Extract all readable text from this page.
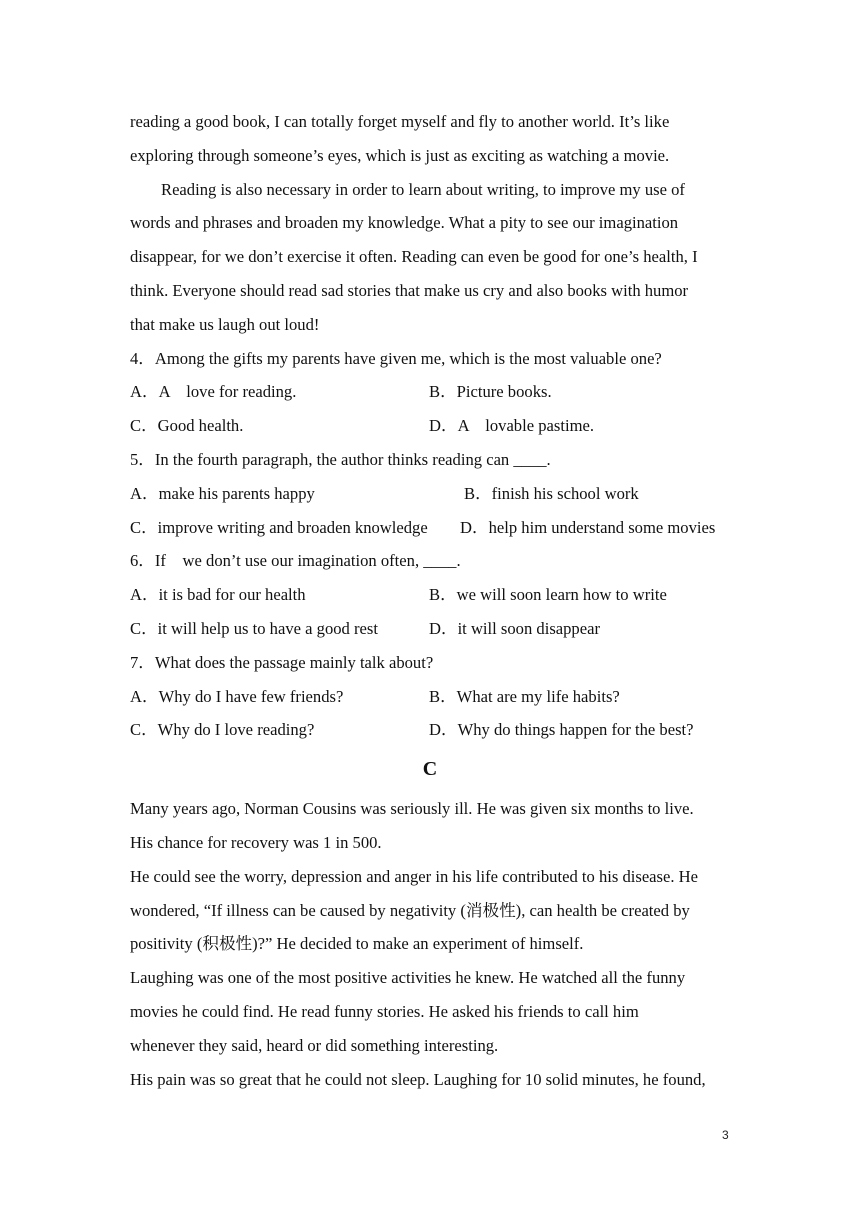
reading a good book, I can totally forget myself and fly to another world. It’s like
exploring through someone’s eyes, which is just as exciting as watching a movie.
Reading is also necessary in order to learn about writing, to improve my use of
words and phrases and broaden my knowledge. What a pity to see our imagination
disappear, for we don’t exercise it often. Reading can even be good for one’s health, I
think. Everyone should read sad stories that make us cry and also books with humor
that make us laugh out loud!
4．Among the gifts my parents have given me, which is the most valuable one?
A．A　love for reading.	B．Picture books.
C．Good health.	D．A　lovable pastime.
5．In the fourth paragraph, the author thinks reading can ____.
A．make his parents happy	B．finish his school work
C．improve writing and broaden knowledge D．help him understand some movies
6．If　we don’t use our imagination often, ____.
A．it is bad for our health	B．we will soon learn how to write
C．it will help us to have a good rest	D．it will soon disappear
7．What does the passage mainly talk about?
A．Why do I have few friends?	B．What are my life habits?
C．Why do I love reading?	D．Why do things happen for the best?
C
Many years ago, Norman Cousins was seriously ill. He was given six months to live.
His chance for recovery was 1 in 500.
He could see the worry, depression and anger in his life contributed to his disease. He
wondered, “If illness can be caused by negativity (消极性), can health be created by
positivity (积极性)?” He decided to make an experiment of himself.
Laughing was one of the most positive activities he knew. He watched all the funny
movies he could find. He read funny stories. He asked his friends to call him
whenever they said, heard or did something interesting.
His pain was so great that he could not sleep. Laughing for 10 solid minutes, he found,
3
